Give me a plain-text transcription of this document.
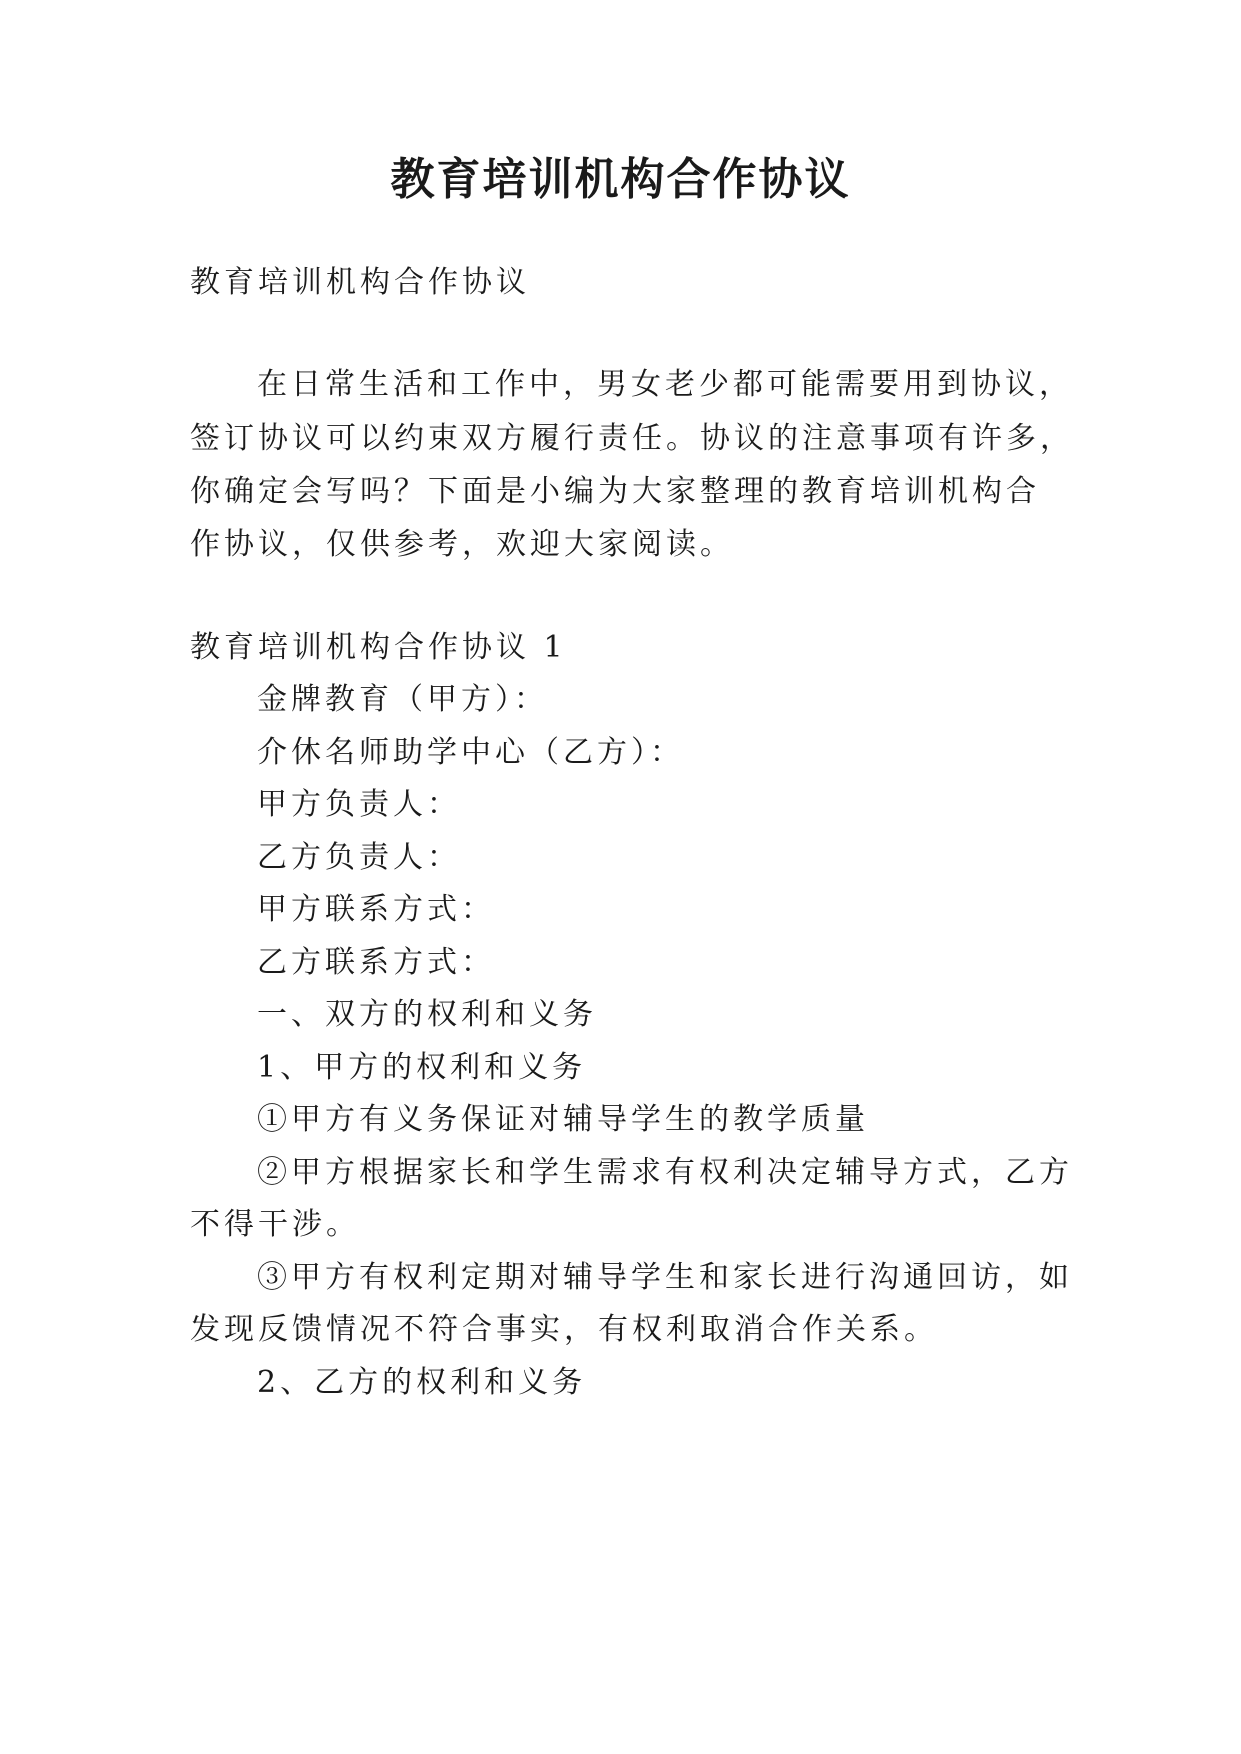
教育培训机构合作协议
教育培训机构合作协议
在日常生活和工作中，男女老少都可能需要用到协议，
签订协议可以约束双方履行责任。协议的注意事项有许多，
你确定会写吗？下面是小编为大家整理的教育培训机构合
作协议，仅供参考，欢迎大家阅读。
教育培训机构合作协议 1
金牌教育（甲方）：
介休名师助学中心（乙方）：
甲方负责人：
乙方负责人：
甲方联系方式：
乙方联系方式：
一、双方的权利和义务
1、甲方的权利和义务
①甲方有义务保证对辅导学生的教学质量
②甲方根据家长和学生需求有权利决定辅导方式，乙方
不得干涉。
③甲方有权利定期对辅导学生和家长进行沟通回访，如
发现反馈情况不符合事实，有权利取消合作关系。
2、乙方的权利和义务
